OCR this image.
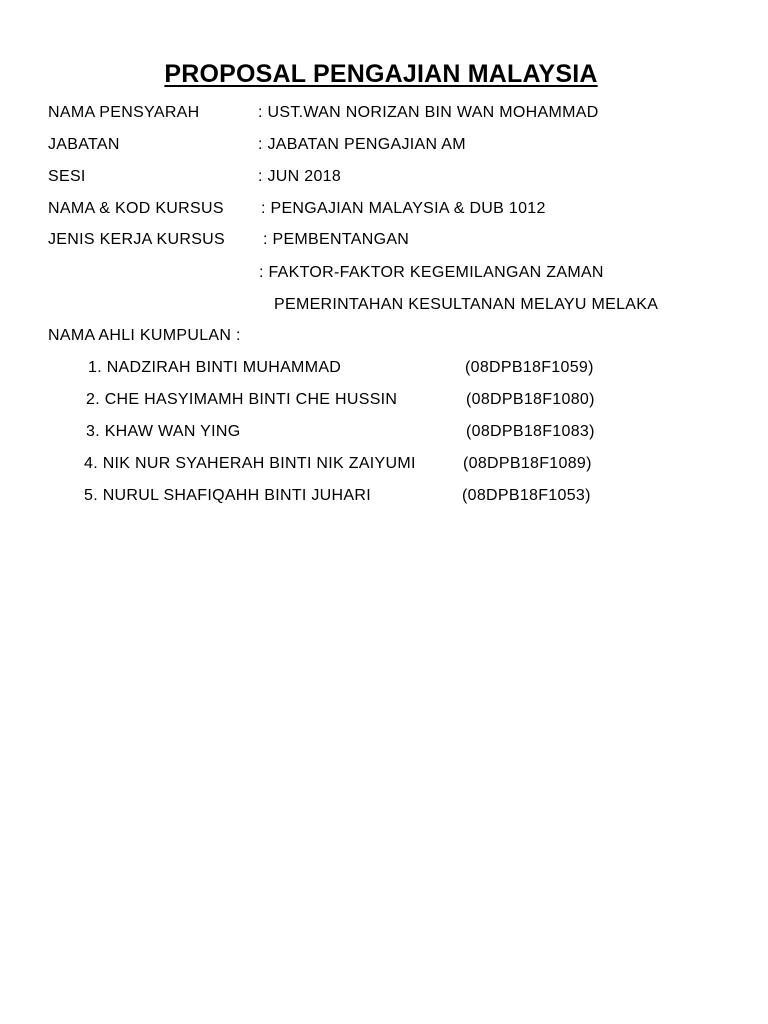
PROPOSAL PENGAJIAN MALAYSIA
NAMA PENSYARAH	: UST.WAN NORIZAN BIN WAN MOHAMMAD
JABATAN	: JABATAN PENGAJIAN AM
SESI	: JUN 2018
NAMA & KOD KURSUS : PENGAJIAN MALAYSIA & DUB 1012
JENIS KERJA KURSUS : PEMBENTANGAN
: FAKTOR-FAKTOR KEGEMILANGAN ZAMAN
PEMERINTAHAN KESULTANAN MELAYU MELAKA
NAMA AHLI KUMPULAN :
1. NADZIRAH BINTI MUHAMMAD	(08DPB18F1059)
2. CHE HASYIMAMH BINTI CHE HUSSIN	(08DPB18F1080)
3. KHAW WAN YING	(08DPB18F1083)
4. NIK NUR SYAHERAH BINTI NIK ZAIYUMI	(08DPB18F1089)
5. NURUL SHAFIQAHH BINTI JUHARI	(08DPB18F1053)
